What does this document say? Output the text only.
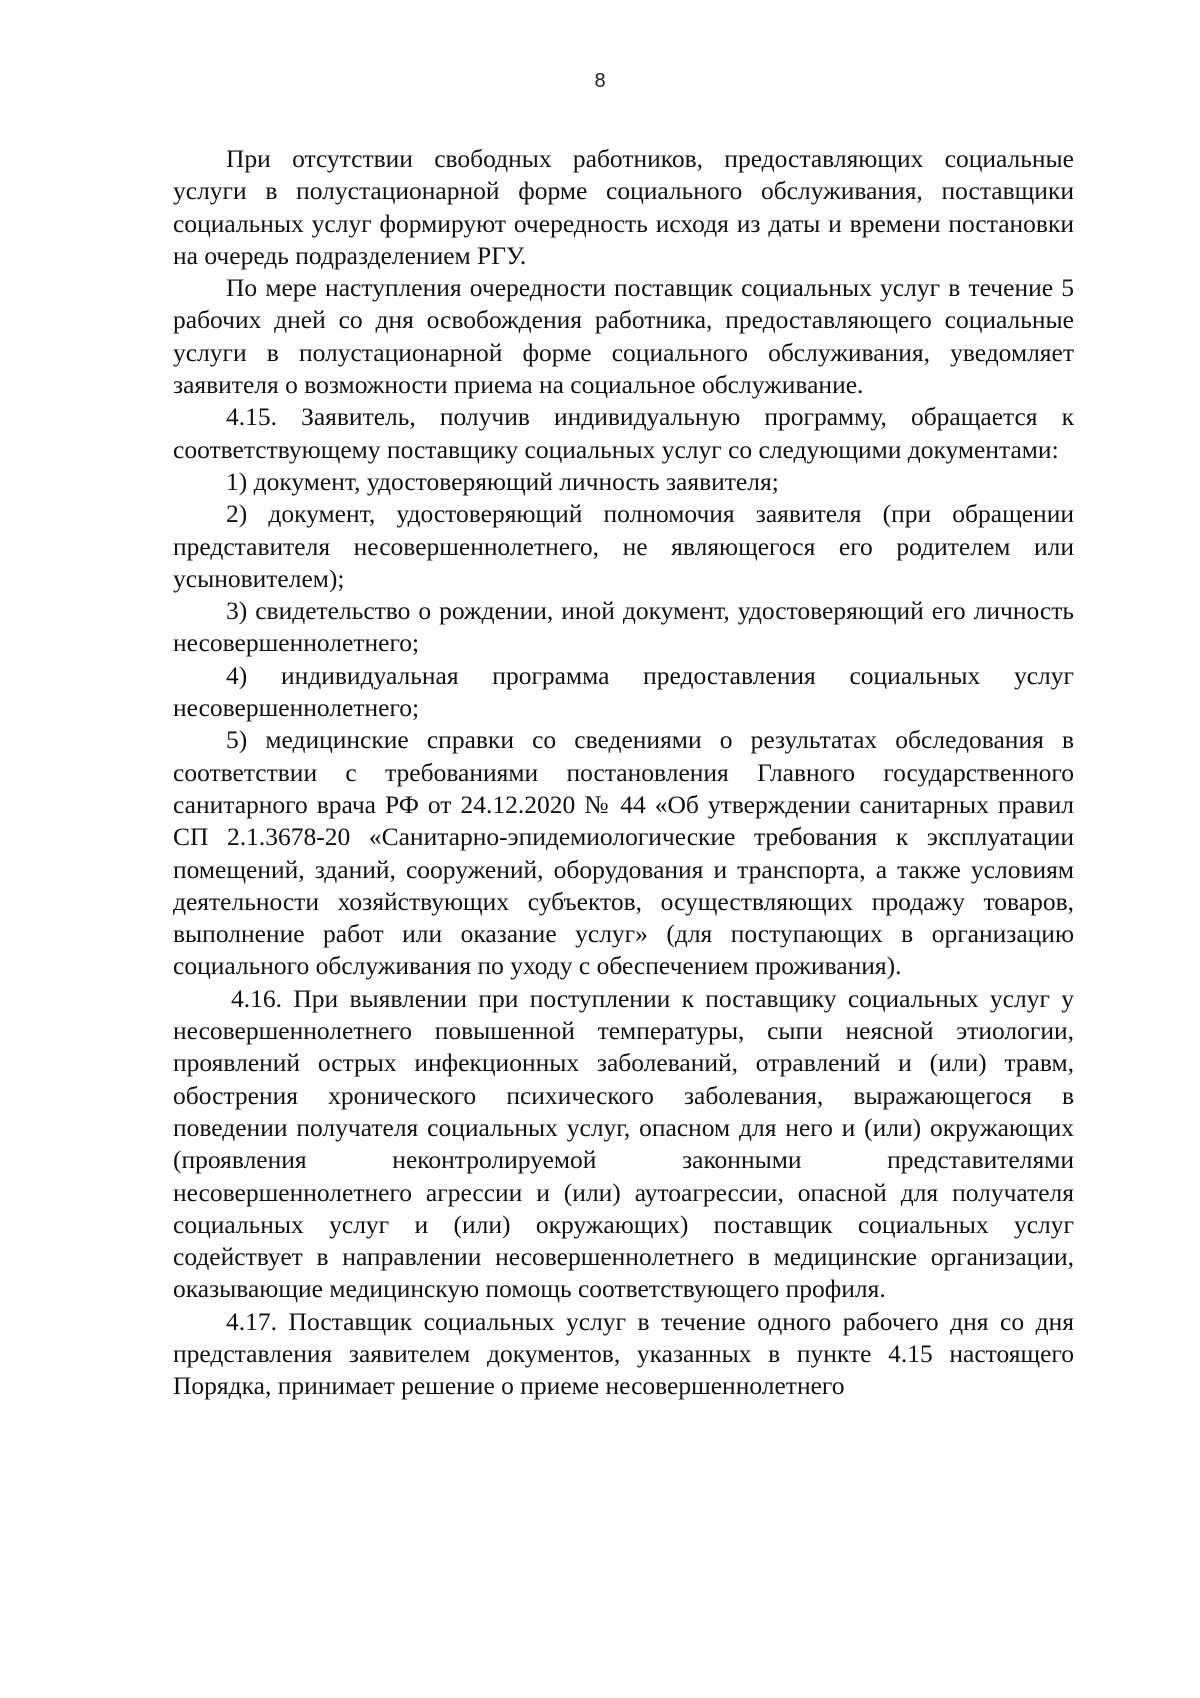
8

При отсутствии свободных работников, предоставляющих социальные услуги в полустационарной форме социального обслуживания, поставщики социальных услуг формируют очередность исходя из даты и времени постановки на очередь подразделением РГУ.

По мере наступления очередности поставщик социальных услуг в течение 5 рабочих дней со дня освобождения работника, предоставляющего социальные услуги в полустационарной форме социального обслуживания, уведомляет заявителя о возможности приема на социальное обслуживание.

4.15. Заявитель, получив индивидуальную программу, обращается к соответствующему поставщику социальных услуг со следующими документами:

1) документ, удостоверяющий личность заявителя;

2) документ, удостоверяющий полномочия заявителя (при обращении представителя несовершеннолетнего, не являющегося его родителем или усыновителем);

3) свидетельство о рождении, иной документ, удостоверяющий его личность несовершеннолетнего;

4) индивидуальная программа предоставления социальных услуг несовершеннолетнего;

5) медицинские справки со сведениями о результатах обследования в соответствии с требованиями постановления Главного государственного санитарного врача РФ от 24.12.2020 № 44 «Об утверждении санитарных правил СП 2.1.3678-20 «Санитарно-эпидемиологические требования к эксплуатации помещений, зданий, сооружений, оборудования и транспорта, а также условиям деятельности хозяйствующих субъектов, осуществляющих продажу товаров, выполнение работ или оказание услуг» (для поступающих в организацию социального обслуживания по уходу с обеспечением проживания).

4.16. При выявлении при поступлении к поставщику социальных услуг у несовершеннолетнего повышенной температуры, сыпи неясной этиологии, проявлений острых инфекционных заболеваний, отравлений и (или) травм, обострения хронического психического заболевания, выражающегося в поведении получателя социальных услуг, опасном для него и (или) окружающих (проявления неконтролируемой законными представителями несовершеннолетнего агрессии и (или) аутоагрессии, опасной для получателя социальных услуг и (или) окружающих) поставщик социальных услуг содействует в направлении несовершеннолетнего в медицинские организации, оказывающие медицинскую помощь соответствующего профиля.

4.17. Поставщик социальных услуг в течение одного рабочего дня со дня представления заявителем документов, указанных в пункте 4.15 настоящего Порядка, принимает решение о приеме несовершеннолетнего
